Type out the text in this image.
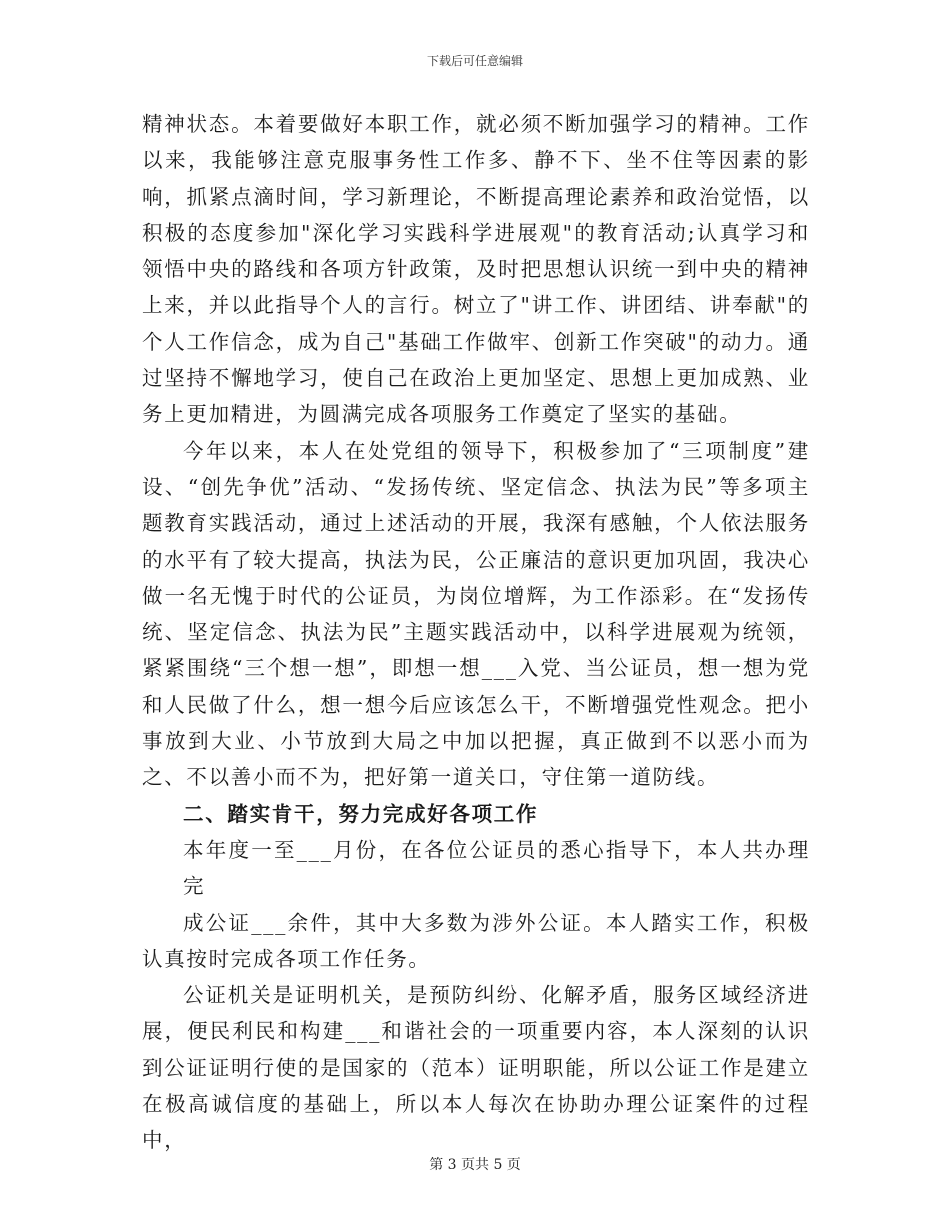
下载后可任意编辑

精神状态。本着要做好本职工作，就必须不断加强学习的精神。工作以来，我能够注意克服事务性工作多、静不下、坐不住等因素的影响，抓紧点滴时间，学习新理论，不断提高理论素养和政治觉悟，以积极的态度参加"深化学习实践科学进展观"的教育活动;认真学习和领悟中央的路线和各项方针政策，及时把思想认识统一到中央的精神上来，并以此指导个人的言行。树立了"讲工作、讲团结、讲奉献"的个人工作信念，成为自己"基础工作做牢、创新工作突破"的动力。通过坚持不懈地学习，使自己在政治上更加坚定、思想上更加成熟、业务上更加精进，为圆满完成各项服务工作奠定了坚实的基础。

今年以来，本人在处党组的领导下，积极参加了“三项制度”建设、“创先争优”活动、“发扬传统、坚定信念、执法为民”等多项主题教育实践活动，通过上述活动的开展，我深有感触，个人依法服务的水平有了较大提高，执法为民，公正廉洁的意识更加巩固，我决心做一名无愧于时代的公证员，为岗位增辉，为工作添彩。在“发扬传统、坚定信念、执法为民”主题实践活动中，以科学进展观为统领，紧紧围绕“三个想一想”，即想一想___入党、当公证员，想一想为党和人民做了什么，想一想今后应该怎么干，不断增强党性观念。把小事放到大业、小节放到大局之中加以把握，真正做到不以恶小而为之、不以善小而不为，把好第一道关口，守住第一道防线。

二、踏实肯干，努力完成好各项工作

本年度一至___月份，在各位公证员的悉心指导下，本人共办理完

成公证___余件，其中大多数为涉外公证。本人踏实工作，积极认真按时完成各项工作任务。

公证机关是证明机关，是预防纠纷、化解矛盾，服务区域经济进展，便民利民和构建___和谐社会的一项重要内容，本人深刻的认识到公证证明行使的是国家的（范本）证明职能，所以公证工作是建立在极高诚信度的基础上，所以本人每次在协助办理公证案件的过程中，

第 3 页共 5 页
